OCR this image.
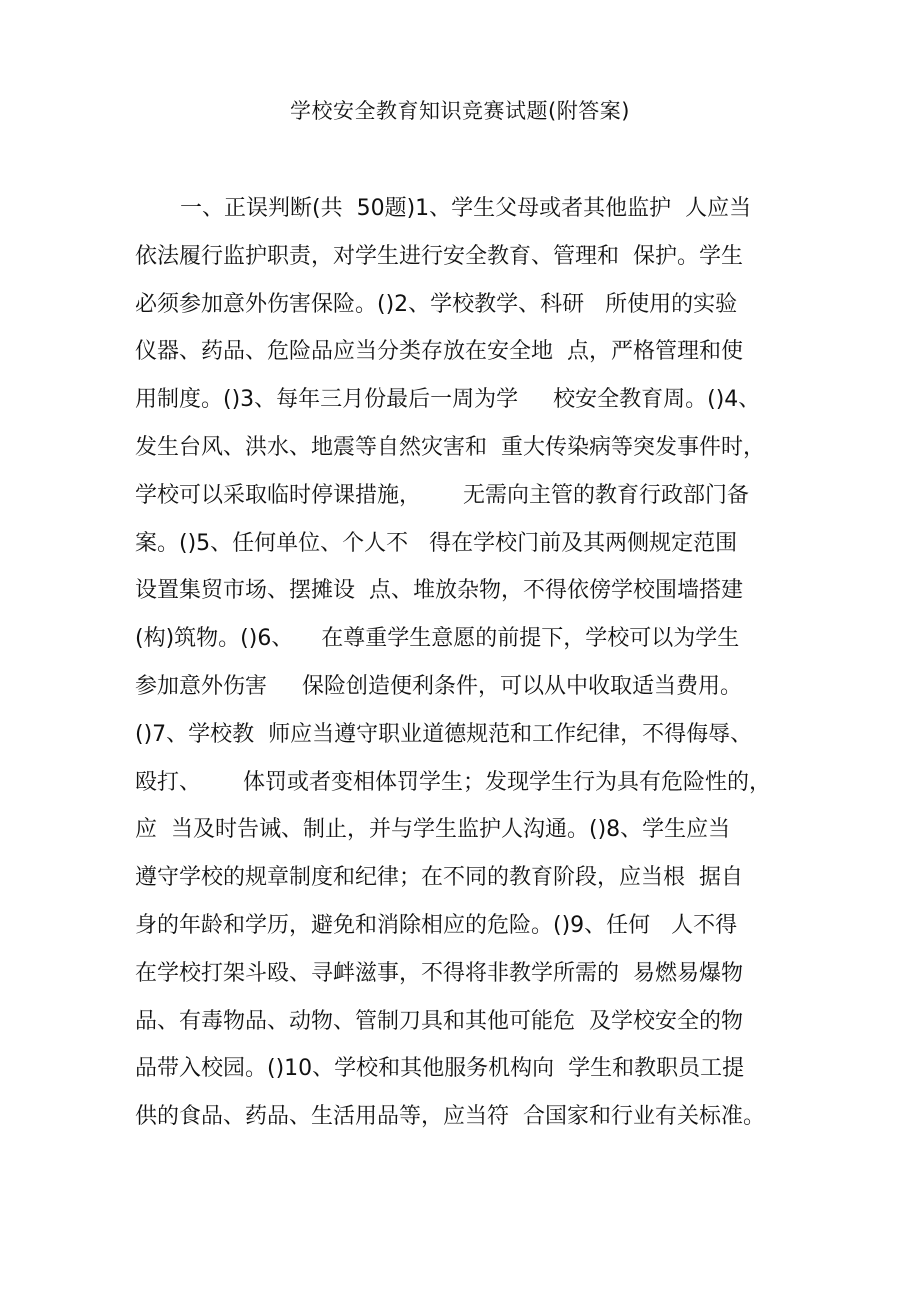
学校安全教育知识竞赛试题(附答案)
一、正误判断(共  50题)1、学生父母或者其他监护  人应当
依法履行监护职责，对学生进行安全教育、管理和  保护。学生
必须参加意外伤害保险。()2、学校教学、科研   所使用的实验
仪器、药品、危险品应当分类存放在安全地  点，严格管理和使
用制度。()3、每年三月份最后一周为学     校安全教育周。()4、
发生台风、洪水、地震等自然灾害和  重大传染病等突发事件时，
学校可以采取临时停课措施，      无需向主管的教育行政部门备
案。()5、任何单位、个人不   得在学校门前及其两侧规定范围
设置集贸市场、摆摊设  点、堆放杂物，不得依傍学校围墙搭建
(构)筑物。()6、    在尊重学生意愿的前提下，学校可以为学生
参加意外伤害     保险创造便利条件，可以从中收取适当费用。
()7、学校教  师应当遵守职业道德规范和工作纪律，不得侮辱、
殴打、      体罚或者变相体罚学生；发现学生行为具有危险性的，
应  当及时告诫、制止，并与学生监护人沟通。()8、学生应当
遵守学校的规章制度和纪律；在不同的教育阶段，应当根  据自
身的年龄和学历，避免和消除相应的危险。()9、任何   人不得
在学校打架斗殴、寻衅滋事，不得将非教学所需的  易燃易爆物
品、有毒物品、动物、管制刀具和其他可能危  及学校安全的物
品带入校园。()10、学校和其他服务机构向  学生和教职员工提
供的食品、药品、生活用品等，应当符  合国家和行业有关标准。
